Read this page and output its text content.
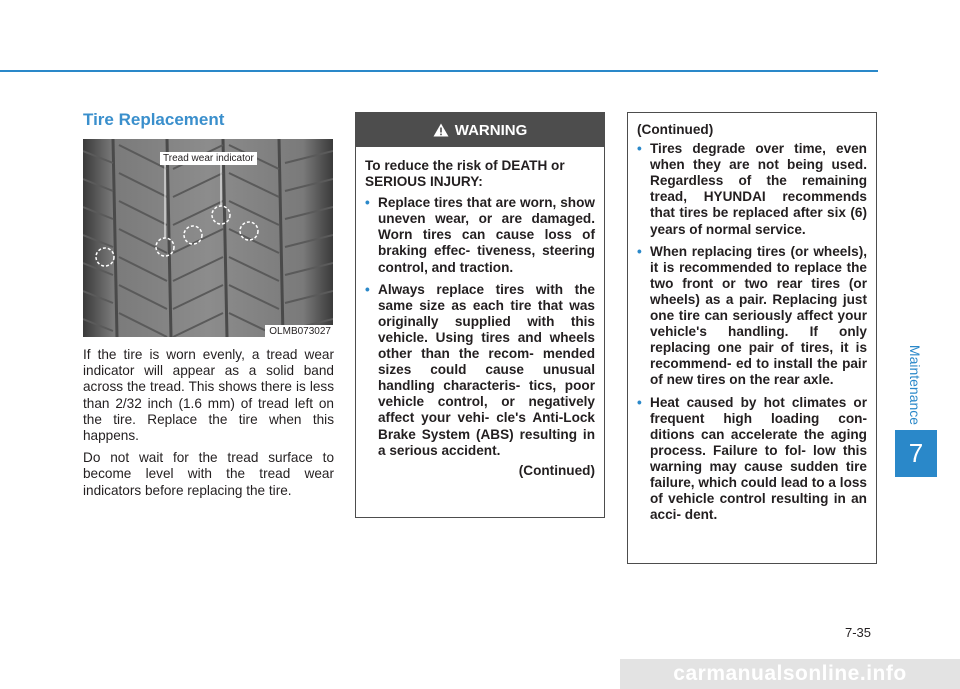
Maintenance
7
Tire Replacement
Tread wear indicator
OLMB073027

If the tire is worn evenly, a tread wear indicator will appear as a solid band across the tread. This shows there is less than 2/32 inch (1.6 mm) of tread left on the tire. Replace the tire when this happens.

Do not wait for the tread surface to become level with the tread wear indicators before replacing the tire.

WARNING

To reduce the risk of DEATH or SERIOUS INJURY:

• Replace tires that are worn, show uneven wear, or are damaged. Worn tires can cause loss of braking effec- tiveness, steering control, and traction.
• Always replace tires with the same size as each tire that was originally supplied with this vehicle. Using tires and wheels other than the recom- mended sizes could cause unusual handling characteris- tics, poor vehicle control, or negatively affect your vehi- cle's Anti-Lock Brake System (ABS) resulting in a serious accident.

(Continued)

(Continued)

• Tires degrade over time, even when they are not being used. Regardless of the remaining tread, HYUNDAI recommends that tires be replaced after six (6) years of normal service.
• When replacing tires (or wheels), it is recommended to replace the two front or two rear tires (or wheels) as a pair. Replacing just one tire can seriously affect your vehicle's handling. If only replacing one pair of tires, it is recommend- ed to install the pair of new tires on the rear axle.
• Heat caused by hot climates or frequent high loading con- ditions can accelerate the aging process. Failure to fol- low this warning may cause sudden tire failure, which could lead to a loss of vehicle control resulting in an acci- dent.
7-35
carmanualsonline.info
